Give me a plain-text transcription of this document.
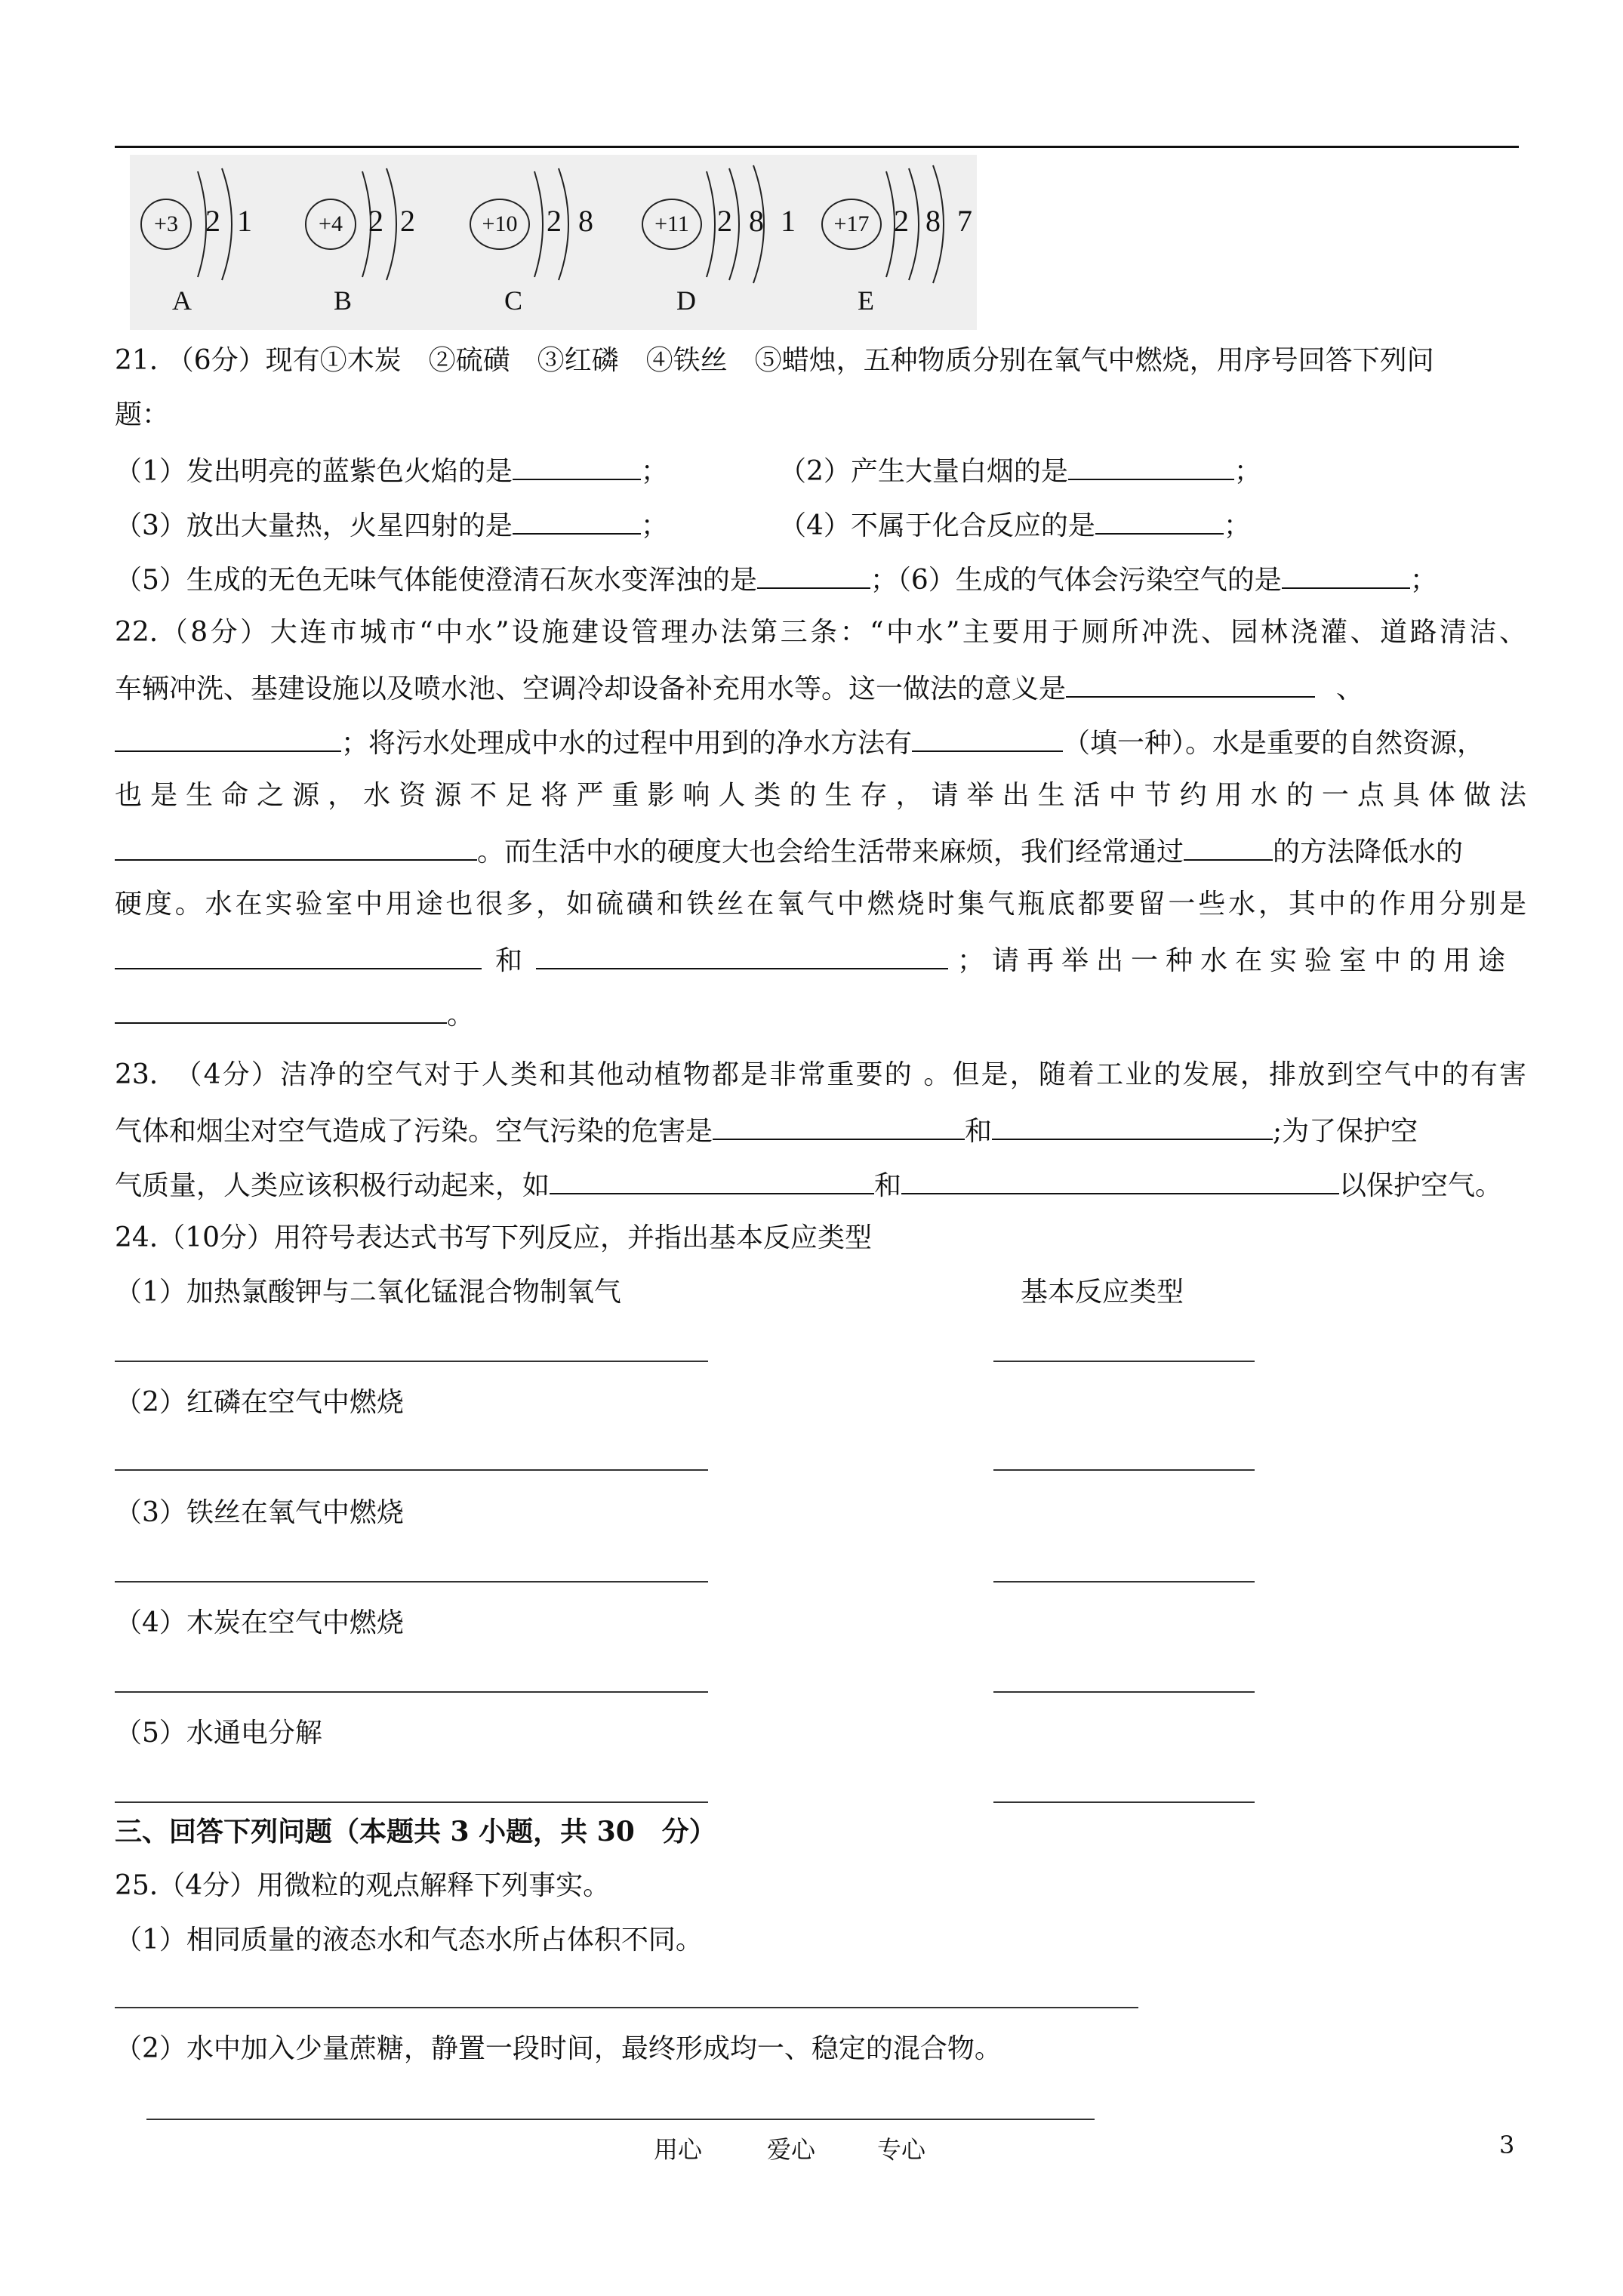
+3 2 1
A
+4 2 2
B
+10 2 8
C
+11 2 8 1
D
+17 2 8 7
E
21. （6分）现有①木炭　②硫磺　③红磷　④铁丝　⑤蜡烛，五种物质分别在氧气中燃烧，用序号回答下列问
题：
（1）发出明亮的蓝紫色火焰的是	；	（2）产生大量白烟的是	；
（3）放出大量热，火星四射的是	；	（4）不属于化合反应的是	；
（5）生成的无色无味气体能使澄清石灰水变浑浊的是	；（6）生成的气体会污染空气的是	；
22.（8分）大连市城市“中水”设施建设管理办法第三条：“中水”主要用于厕所冲洗、园林浇灌、道路清洁、
车辆冲洗、基建设施以及喷水池、空调冷却设备补充用水等。这一做法的意义是	、
；将污水处理成中水的过程中用到的净水方法有	（填一种）。水是重要的自然资源，
也是生命之源，水资源不足将严重影响人类的生存，请举出生活中节约用水的一点具体做法
。而生活中水的硬度大也会给生活带来麻烦，我们经常通过	的方法降低水的
硬度。水在实验室中用途也很多，如硫磺和铁丝在氧气中燃烧时集气瓶底都要留一些水，其中的作用分别是
和	；请再举出一种水在实验室中的用途
。
23.　（4分）洁净的空气对于人类和其他动植物都是非常重要的 。但是，随着工业的发展，排放到空气中的有害
气体和烟尘对空气造成了污染。空气污染的危害是	和	;为了保护空
气质量，人类应该积极行动起来，如	和	以保护空气。
24.（10分）用符号表达式书写下列反应，并指出基本反应类型
（1）加热氯酸钾与二氧化锰混合物制氧气	基本反应类型
（2）红磷在空气中燃烧
（3）铁丝在氧气中燃烧
（4）木炭在空气中燃烧
（5）水通电分解
三、回答下列问题（本题共 3 小题，共 30　分）
25.（4分）用微粒的观点解释下列事实。
（1）相同质量的液态水和气态水所占体积不同。
（2）水中加入少量蔗糖，静置一段时间，最终形成均一、稳定的混合物。
用心	爱心	专心	3
